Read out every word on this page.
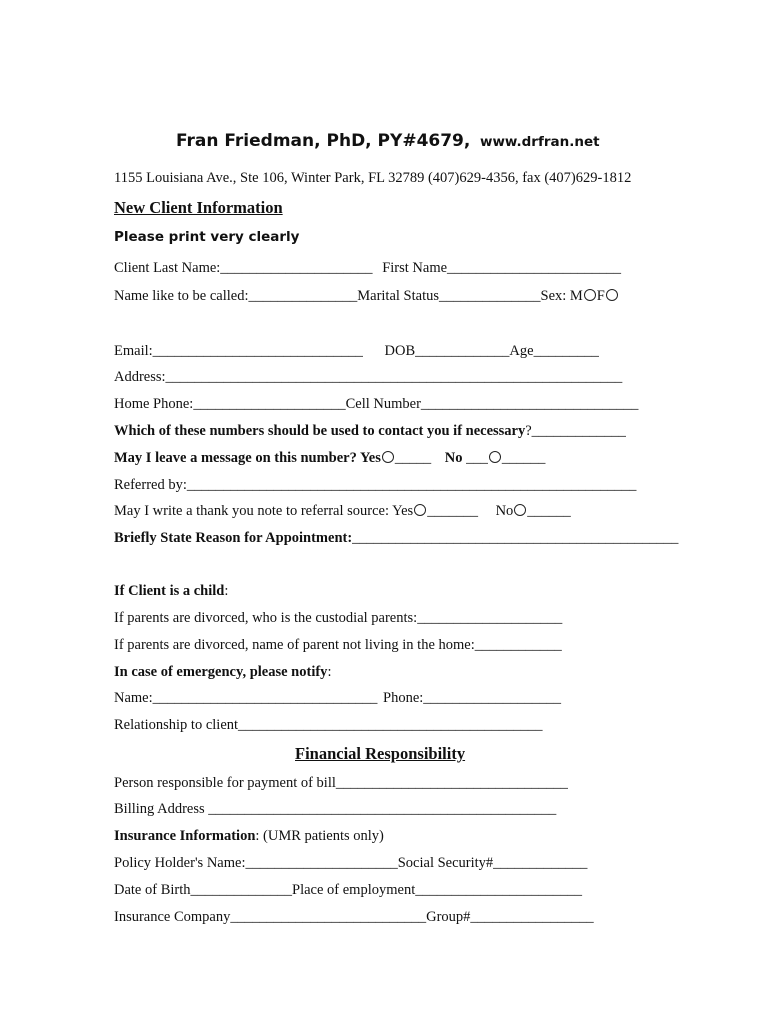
Fran Friedman, PhD, PY#4679, www.drfran.net
1155 Louisiana Ave., Ste 106, Winter Park, FL 32789 (407)629-4356, fax (407)629-1812
New Client Information
Please print very clearly
Client Last Name:_____________________ First Name________________________
Name like to be called:_______________Marital Status______________Sex: M F
Email:_____________________________ DOB_____________Age_________
Address:_______________________________________________________________
Home Phone:_____________________Cell Number______________________________
Which of these numbers should be used to contact you if necessary?_____________
May I leave a message on this number? Yes _____ No ___ ______
Referred by:______________________________________________________________
May I write a thank you note to referral source: Yes _______ No ______
Briefly State Reason for Appointment:_____________________________________________
If Client is a child:
If parents are divorced, who is the custodial parents:____________________
If parents are divorced, name of parent not living in the home:____________
In case of emergency, please notify:
Name:_______________________________ Phone:___________________
Relationship to client__________________________________________
Financial Responsibility
Person responsible for payment of bill________________________________
Billing Address ________________________________________________
Insurance Information: (UMR patients only)
Policy Holder's Name:_____________________Social Security#_____________
Date of Birth______________Place of employment_______________________
Insurance Company___________________________Group#_________________
